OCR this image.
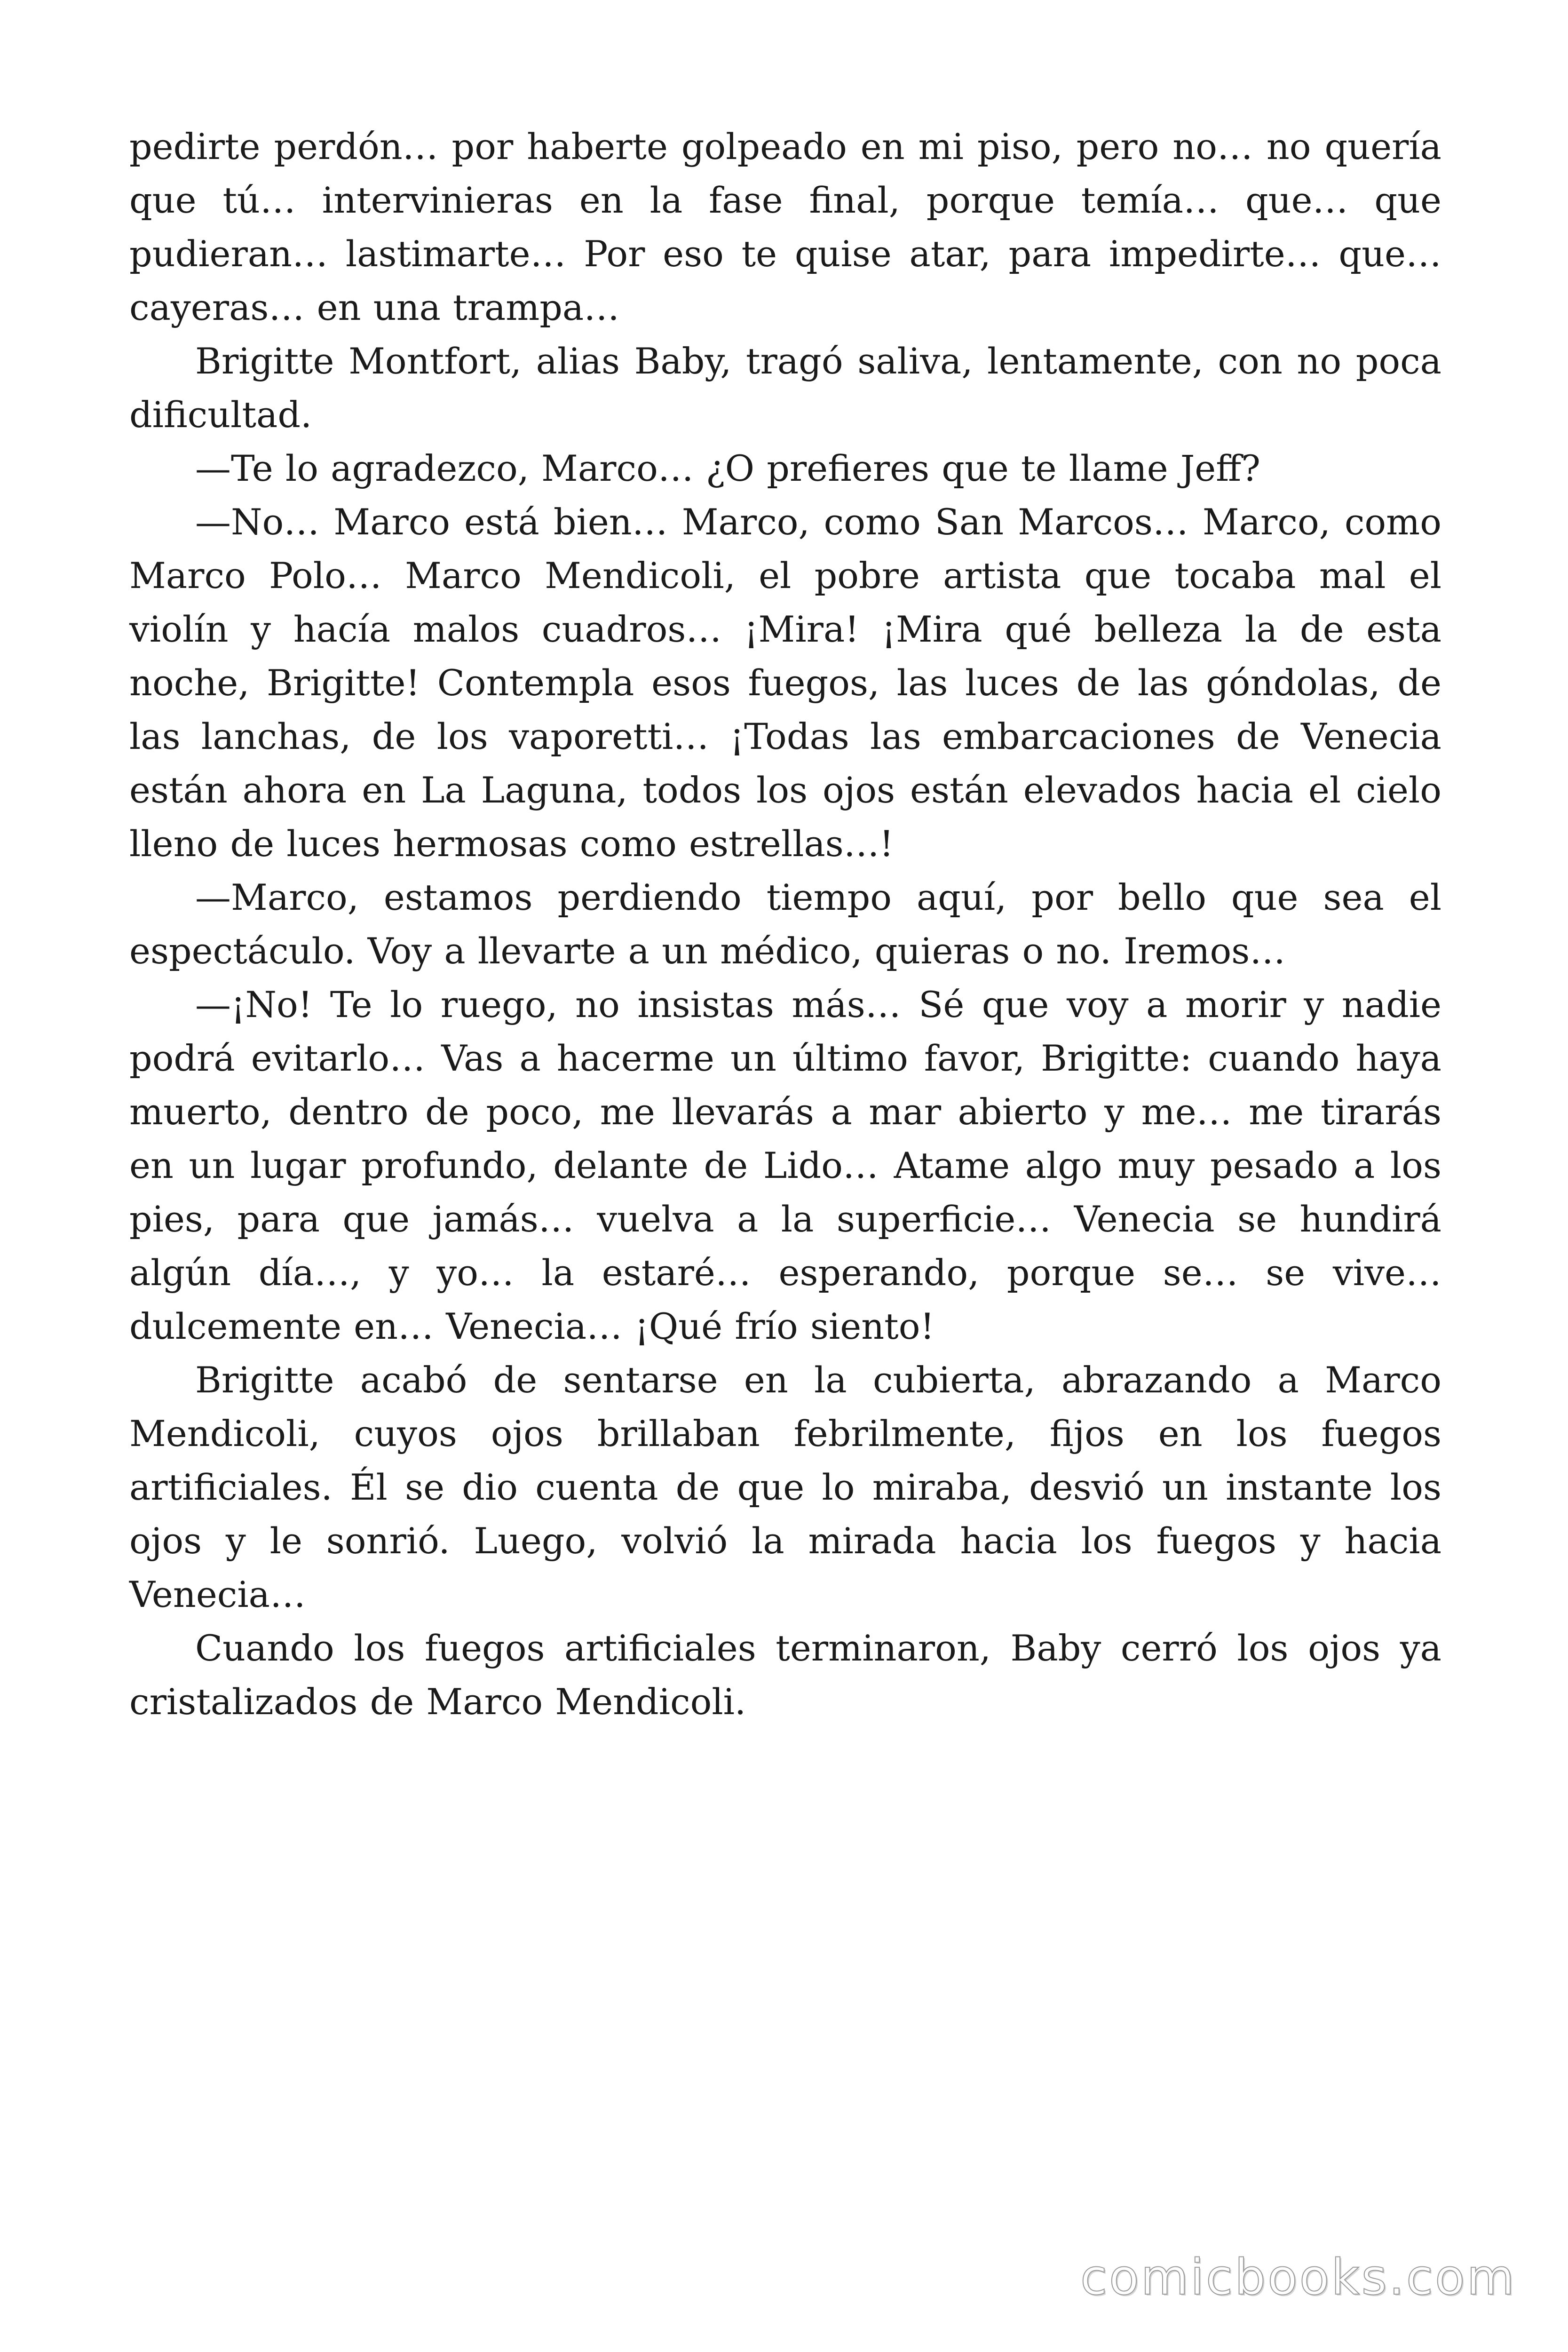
pedirte perdón… por haberte golpeado en mi piso, pero no… no quería que tú… intervinieras en la fase final, porque temía… que… que pudieran… lastimarte… Por eso te quise atar, para impedirte… que… cayeras… en una trampa…

Brigitte Montfort, alias Baby, tragó saliva, lentamente, con no poca dificultad.

—Te lo agradezco, Marco… ¿O prefieres que te llame Jeff?

—No… Marco está bien… Marco, como San Marcos… Marco, como Marco Polo… Marco Mendicoli, el pobre artista que tocaba mal el violín y hacía malos cuadros… ¡Mira! ¡Mira qué belleza la de esta noche, Brigitte! Contempla esos fuegos, las luces de las góndolas, de las lanchas, de los vaporetti… ¡Todas las embarcaciones de Venecia están ahora en La Laguna, todos los ojos están elevados hacia el cielo lleno de luces hermosas como estrellas…!

—Marco, estamos perdiendo tiempo aquí, por bello que sea el espectáculo. Voy a llevarte a un médico, quieras o no. Iremos…

—¡No! Te lo ruego, no insistas más… Sé que voy a morir y nadie podrá evitarlo… Vas a hacerme un último favor, Brigitte: cuando haya muerto, dentro de poco, me llevarás a mar abierto y me… me tirarás en un lugar profundo, delante de Lido… Atame algo muy pesado a los pies, para que jamás… vuelva a la superficie… Venecia se hundirá algún día…, y yo… la estaré… esperando, porque se… se vive… dulcemente en… Venecia… ¡Qué frío siento!

Brigitte acabó de sentarse en la cubierta, abrazando a Marco Mendicoli, cuyos ojos brillaban febrilmente, fijos en los fuegos artificiales. Él se dio cuenta de que lo miraba, desvió un instante los ojos y le sonrió. Luego, volvió la mirada hacia los fuegos y hacia Venecia…

Cuando los fuegos artificiales terminaron, Baby cerró los ojos ya cristalizados de Marco Mendicoli.

comicbooks.com
